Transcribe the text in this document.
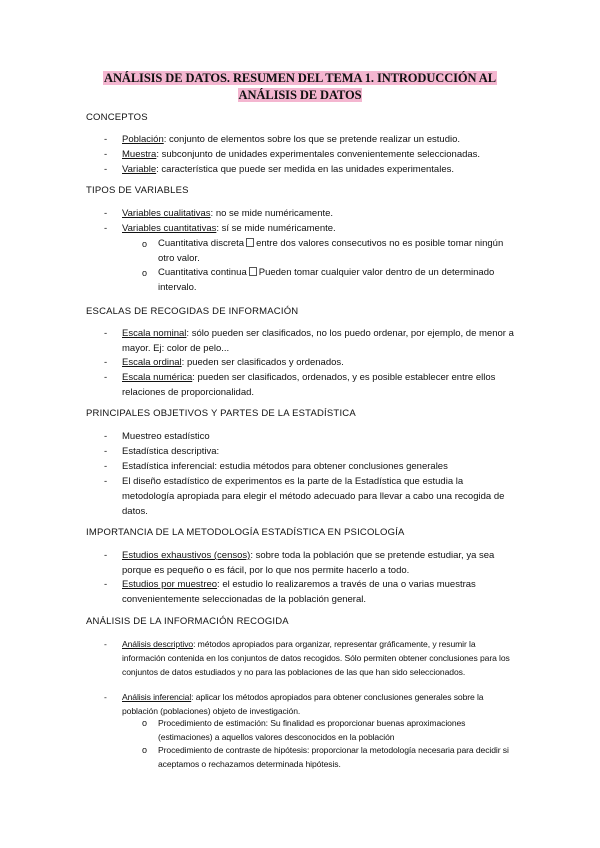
ANÁLISIS DE DATOS. RESUMEN DEL TEMA 1. INTRODUCCIÓN AL
ANÁLISIS DE DATOS
CONCEPTOS
- Población: conjunto de elementos sobre los que se pretende realizar un estudio.
- Muestra: subconjunto de unidades experimentales convenientemente seleccionadas.
- Variable: característica que puede ser medida en las unidades experimentales.
TIPOS DE VARIABLES
- Variables cualitativas: no se mide numéricamente.
- Variables cuantitativas: sí se mide numéricamente.
o Cuantitativa discreta entre dos valores consecutivos no es posible tomar ningún otro valor.
o Cuantitativa continua Pueden tomar cualquier valor dentro de un determinado intervalo.
ESCALAS DE RECOGIDAS DE INFORMACIÓN
- Escala nominal: sólo pueden ser clasificados, no los puedo ordenar, por ejemplo, de menor a mayor. Ej: color de pelo...
- Escala ordinal: pueden ser clasificados y ordenados.
- Escala numérica: pueden ser clasificados, ordenados, y es posible establecer entre ellos relaciones de proporcionalidad.
PRINCIPALES OBJETIVOS Y PARTES DE LA ESTADÍSTICA
- Muestreo estadístico
- Estadística descriptiva:
- Estadística inferencial: estudia métodos para obtener conclusiones generales
- El diseño estadístico de experimentos es la parte de la Estadística que estudia la metodología apropiada para elegir el método adecuado para llevar a cabo una recogida de datos.
IMPORTANCIA DE LA METODOLOGÍA ESTADÍSTICA EN PSICOLOGÍA
- Estudios exhaustivos (censos): sobre toda la población que se pretende estudiar, ya sea porque es pequeño o es fácil, por lo que nos permite hacerlo a todo.
- Estudios por muestreo: el estudio lo realizaremos a través de una o varias muestras convenientemente seleccionadas de la población general.
ANÁLISIS DE LA INFORMACIÓN RECOGIDA
- Análisis descriptivo: métodos apropiados para organizar, representar gráficamente, y resumir la información contenida en los conjuntos de datos recogidos. Sólo permiten obtener conclusiones para los conjuntos de datos estudiados y no para las poblaciones de las que han sido seleccionados.
- Análisis inferencial: aplicar los métodos apropiados para obtener conclusiones generales sobre la población (poblaciones) objeto de investigación.
o Procedimiento de estimación: Su finalidad es proporcionar buenas aproximaciones (estimaciones) a aquellos valores desconocidos en la población
o Procedimiento de contraste de hipótesis: proporcionar la metodología necesaria para decidir si aceptamos o rechazamos determinada hipótesis.
